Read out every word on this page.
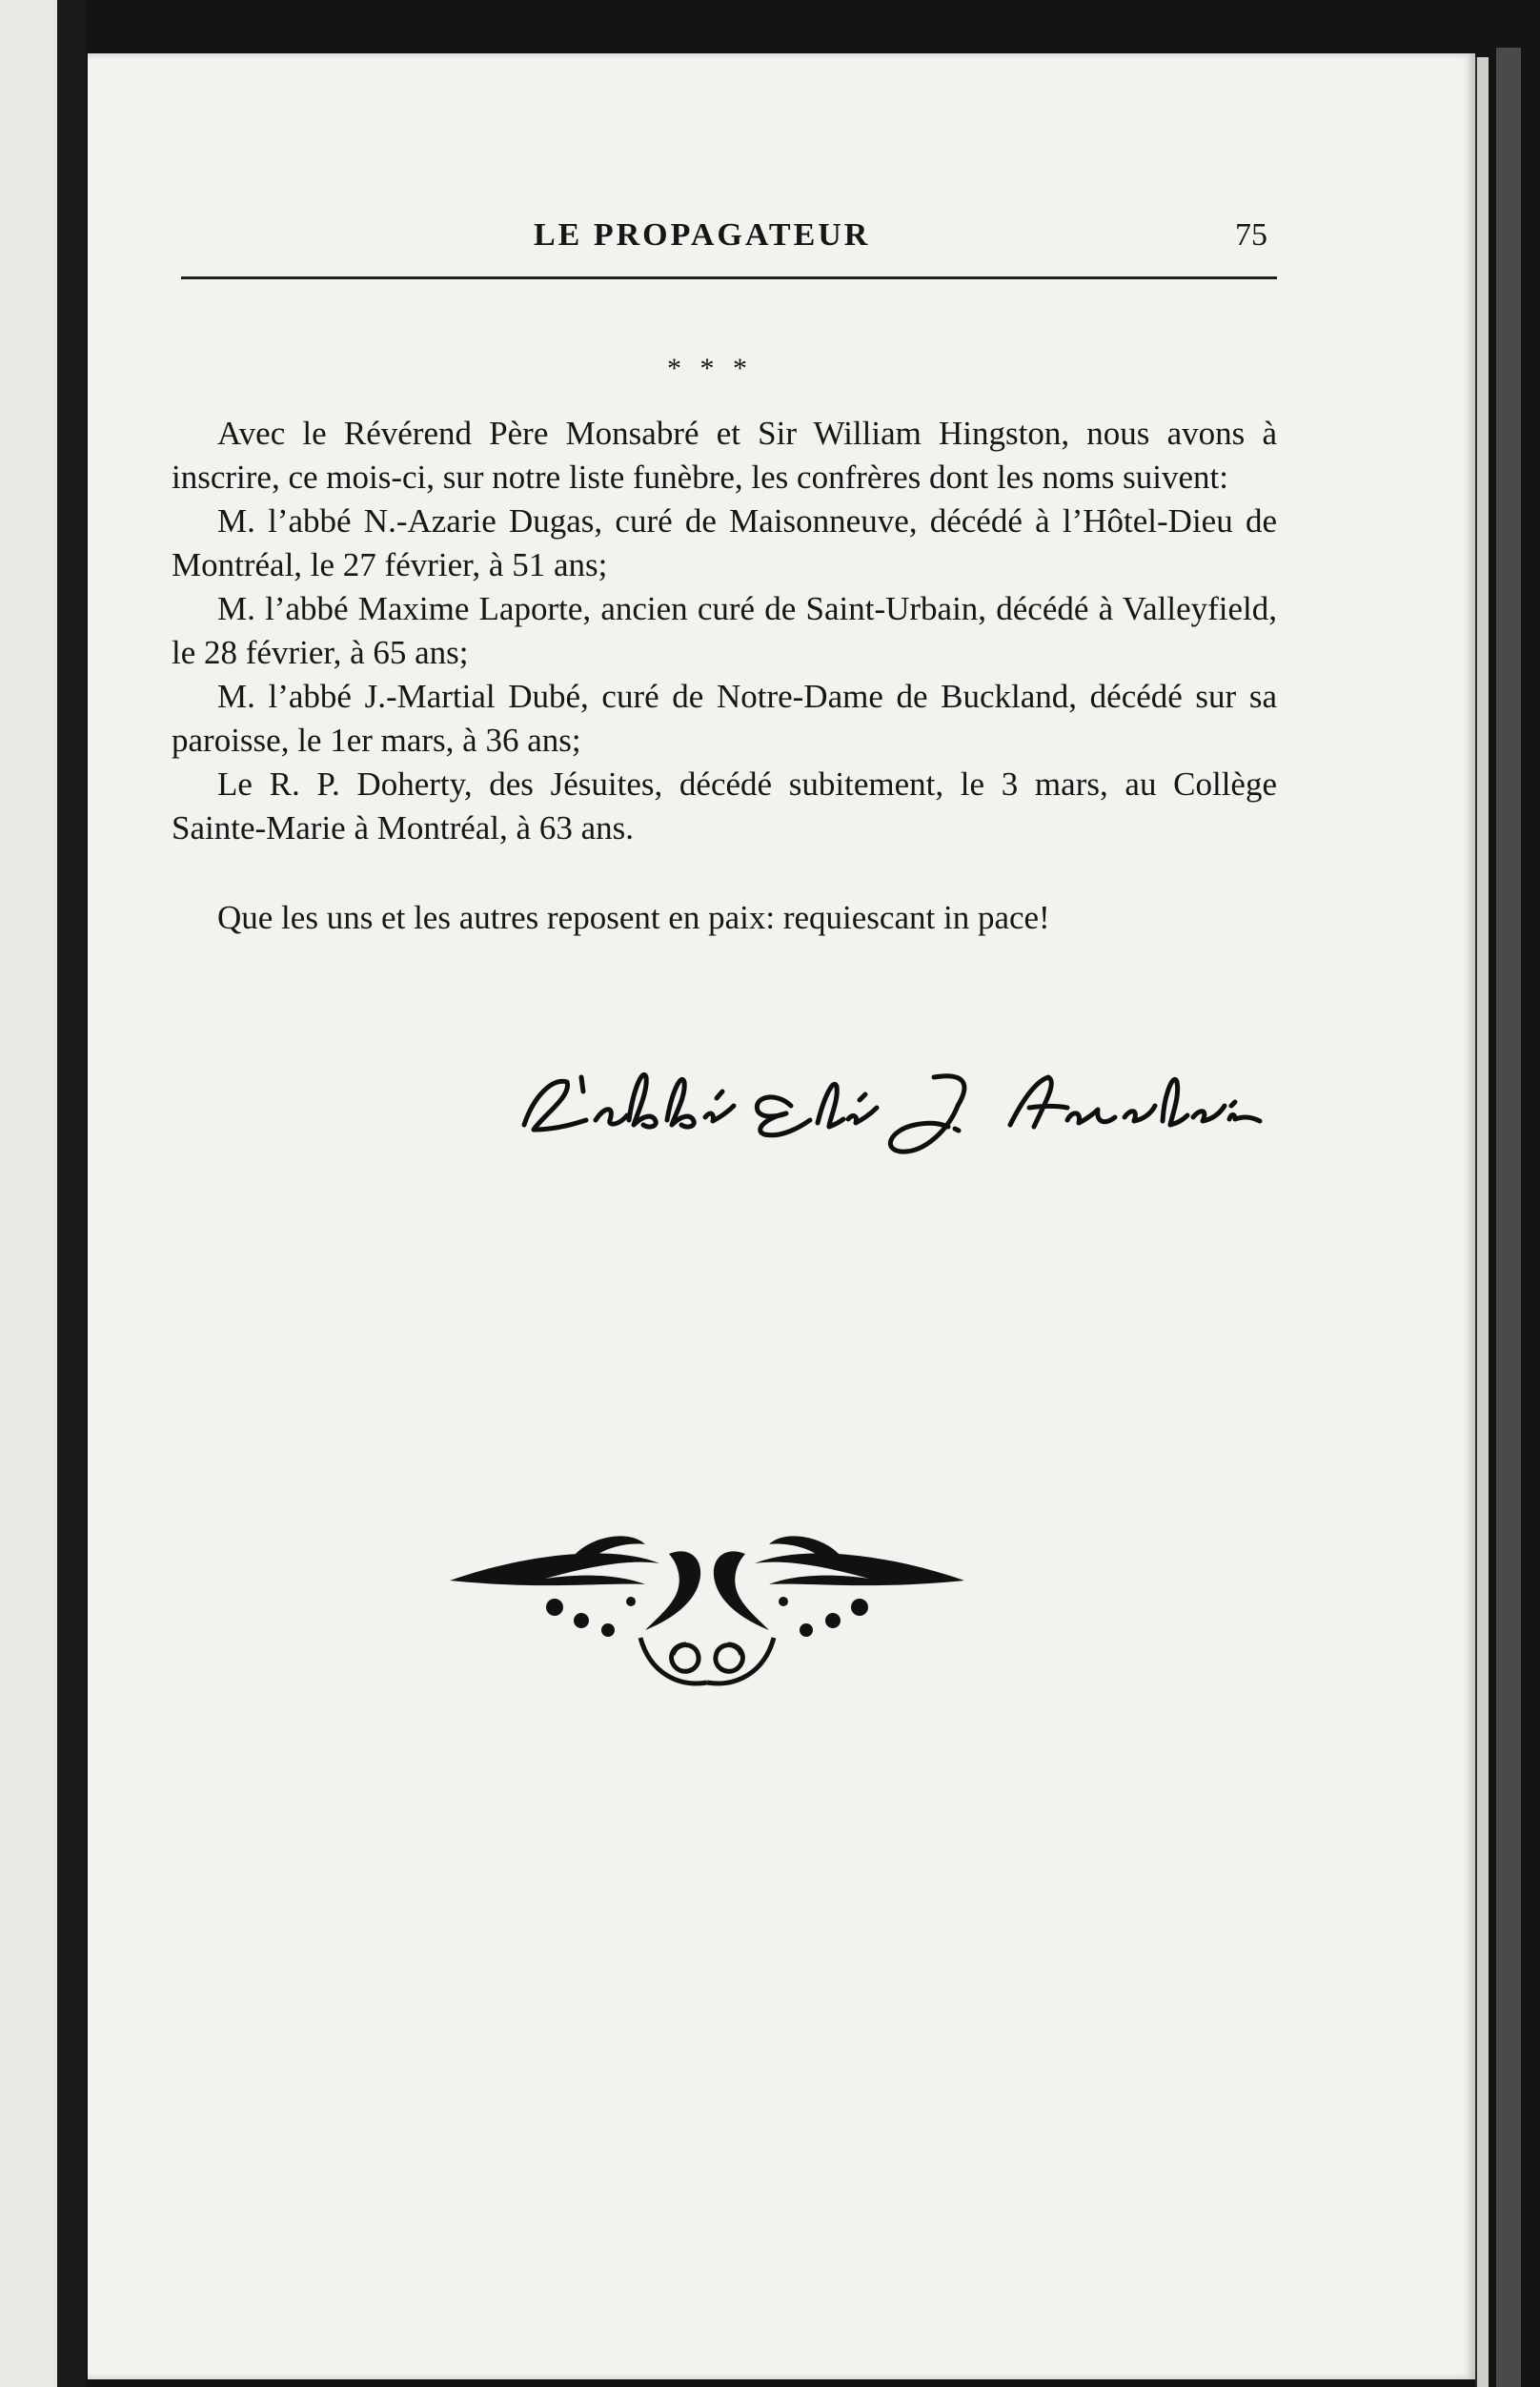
LE PROPAGATEUR	75
* * *

Avec le Révérend Père Monsabré et Sir William Hingston, nous avons à inscrire, ce mois-ci, sur notre liste funèbre, les confrères dont les noms suivent:

M. l’abbé N.-Azarie Dugas, curé de Maisonneuve, décédé à l’Hôtel-Dieu de Montréal, le 27 février, à 51 ans;

M. l’abbé Maxime Laporte, ancien curé de Saint-Urbain, décédé à Valleyfield, le 28 février, à 65 ans;

M. l’abbé J.-Martial Dubé, curé de Notre-Dame de Buckland, décédé sur sa paroisse, le 1er mars, à 36 ans;

Le R. P. Doherty, des Jésuites, décédé subitement, le 3 mars, au Collège Sainte-Marie à Montréal, à 63 ans.

Que les uns et les autres reposent en paix: requiescant in pace!
